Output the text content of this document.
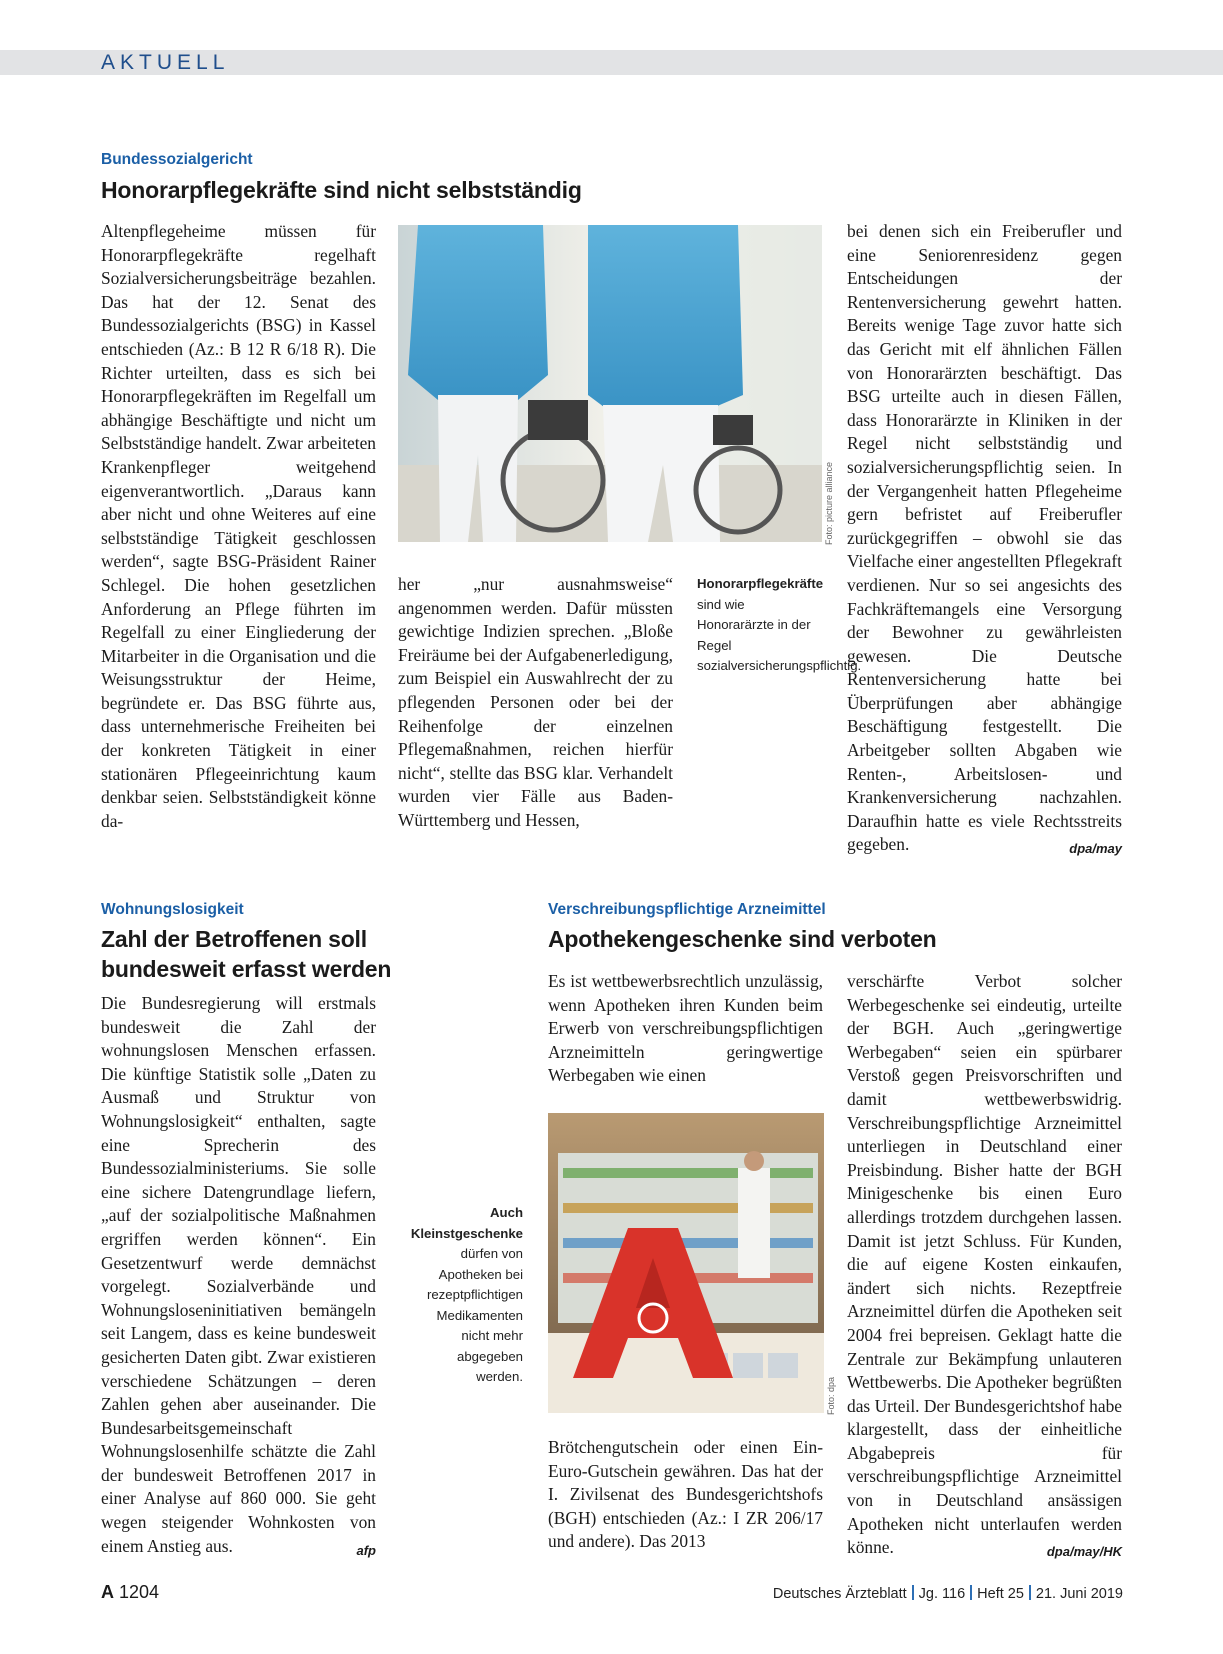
AKTUELL
Bundessozialgericht
Honorarpflegekräfte sind nicht selbstständig

Altenpflegeheime müssen für Honorarpflegekräfte regelhaft Sozialversicherungsbeiträge bezahlen. Das hat der 12. Senat des Bundessozialgerichts (BSG) in Kassel entschieden (Az.: B 12 R 6/18 R). Die Richter urteilten, dass es sich bei Honorarpflegekräften im Regelfall um abhängige Beschäftigte und nicht um Selbstständige handelt. Zwar arbeiteten Krankenpfleger weitgehend eigenverantwortlich. „Daraus kann aber nicht und ohne Weiteres auf eine selbstständige Tätigkeit geschlossen werden“, sagte BSG-Präsident Rainer Schlegel. Die hohen gesetzlichen Anforderung an Pflege führten im Regelfall zu einer Eingliederung der Mitarbeiter in die Organisation und die Weisungsstruktur der Heime, begründete er. Das BSG führte aus, dass unternehmerische Freiheiten bei der konkreten Tätigkeit in einer stationären Pflegeeinrichtung kaum denkbar seien. Selbstständigkeit könne da-

Foto: picture alliance

her „nur ausnahmsweise“ angenommen werden. Dafür müssten gewichtige Indizien sprechen. „Bloße Freiräume bei der Aufgabenerledigung, zum Beispiel ein Auswahlrecht der zu pflegenden Personen oder bei der Reihenfolge der einzelnen Pflegemaßnahmen, reichen hierfür nicht“, stellte das BSG klar. Verhandelt wurden vier Fälle aus Baden-Württemberg und Hessen,

Honorarpflegekräfte sind wie Honorarärzte in der Regel sozialversicherungspflichtig.

bei denen sich ein Freiberufler und eine Seniorenresidenz gegen Entscheidungen der Rentenversicherung gewehrt hatten. Bereits wenige Tage zuvor hatte sich das Gericht mit elf ähnlichen Fällen von Honorarärzten beschäftigt. Das BSG urteilte auch in diesen Fällen, dass Honorarärzte in Kliniken in der Regel nicht selbstständig und sozialversicherungspflichtig seien. In der Vergangenheit hatten Pflegeheime gern befristet auf Freiberufler zurückgegriffen – obwohl sie das Vielfache einer angestellten Pflegekraft verdienen. Nur so sei angesichts des Fachkräftemangels eine Versorgung der Bewohner zu gewährleisten gewesen. Die Deutsche Rentenversicherung hatte bei Überprüfungen aber abhängige Beschäftigung festgestellt. Die Arbeitgeber sollten Abgaben wie Renten-, Arbeitslosen- und Krankenversicherung nachzahlen. Daraufhin hatte es viele Rechtsstreits gegeben.	dpa/may

Wohnungslosigkeit
Zahl der Betroffenen soll
bundesweit erfasst werden

Die Bundesregierung will erstmals bundesweit die Zahl der wohnungslosen Menschen erfassen. Die künftige Statistik solle „Daten zu Ausmaß und Struktur von Wohnungslosigkeit“ enthalten, sagte eine Sprecherin des Bundessozialministeriums. Sie solle eine sichere Datengrundlage liefern, „auf der sozialpolitische Maßnahmen ergriffen werden können“. Ein Gesetzentwurf werde demnächst vorgelegt. Sozialverbände und Wohnungsloseninitiativen bemängeln seit Langem, dass es keine bundesweit gesicherten Daten gibt. Zwar existieren verschiedene Schätzungen – deren Zahlen gehen aber auseinander. Die Bundesarbeitsgemeinschaft Wohnungslosenhilfe schätzte die Zahl der bundesweit Betroffenen 2017 in einer Analyse auf 860 000. Sie geht wegen steigender Wohnkosten von einem Anstieg aus.	afp

Auch Kleinstgeschenke dürfen von Apotheken bei rezeptpflichtigen Medikamenten nicht mehr abgegeben werden.
Verschreibungspflichtige Arzneimittel
Apothekengeschenke sind verboten

Es ist wettbewerbsrechtlich unzulässig, wenn Apotheken ihren Kunden beim Erwerb von verschreibungspflichtigen Arzneimitteln geringwertige Werbegaben wie einen

Foto: dpa

Brötchengutschein oder einen Ein-Euro-Gutschein gewähren. Das hat der I. Zivilsenat des Bundesgerichtshofs (BGH) entschieden (Az.: I ZR 206/17 und andere). Das 2013

verschärfte Verbot solcher Werbegeschenke sei eindeutig, urteilte der BGH. Auch „geringwertige Werbegaben“ seien ein spürbarer Verstoß gegen Preisvorschriften und damit wettbewerbswidrig. Verschreibungspflichtige Arzneimittel unterliegen in Deutschland einer Preisbindung. Bisher hatte der BGH Minigeschenke bis einen Euro allerdings trotzdem durchgehen lassen. Damit ist jetzt Schluss. Für Kunden, die auf eigene Kosten einkaufen, ändert sich nichts. Rezeptfreie Arzneimittel dürfen die Apotheken seit 2004 frei bepreisen. Geklagt hatte die Zentrale zur Bekämpfung unlauteren Wettbewerbs. Die Apotheker begrüßten das Urteil. Der Bundesgerichtshof habe klargestellt, dass der einheitliche Abgabepreis für verschreibungspflichtige Arzneimittel von in Deutschland ansässigen Apotheken nicht unterlaufen werden könne.	dpa/may/HK

A 1204	Deutsches Ärzteblatt Jg. 116 Heft 25 21. Juni 2019
